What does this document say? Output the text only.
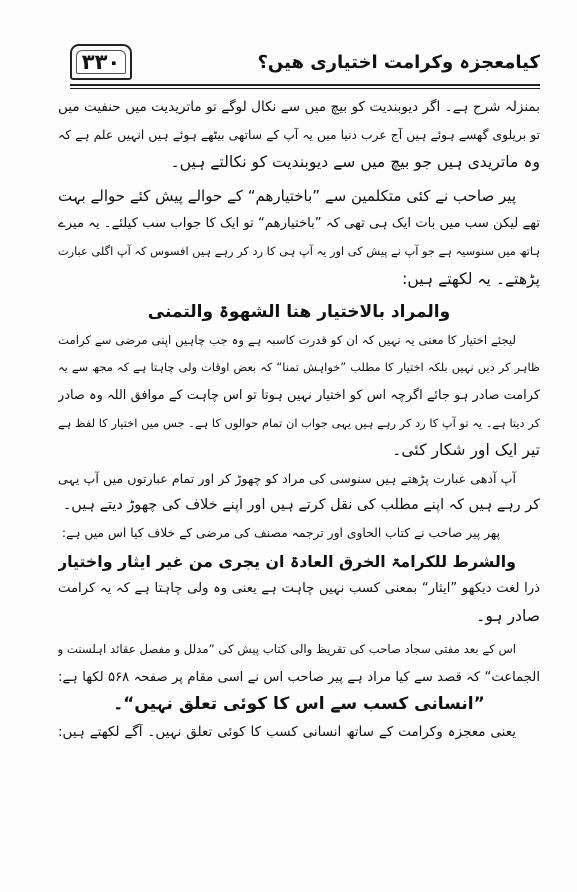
۳۳۰	کیامعجزہ وکرامت اختیاری ھیں؟
بمنزلہ شرح ہے۔ اگر دیوبندیت کو بیچ میں سے نکال لوگے تو ماتریدیت میں حنفیت میں
تو بریلوی گھسے ہوئے ہیں آج عرب دنیا میں یہ آپ کے ساتھی بیٹھے ہوئے ہیں انہیں علم ہے کہ
وہ ماتریدی ہیں جو بیچ میں سے دیوبندیت کو نکالتے ہیں۔
پیر صاحب نے کئی متکلمین سے ”باختیارھم“ کے حوالے پیش کئے حوالے بہت
تھے لیکن سب میں بات ایک ہی تھی کہ ”باختیارھم“ تو ایک کا جواب سب کیلئے۔ یہ میرے
ہاتھ میں سنوسیہ ہے جو آپ نے پیش کی اور یہ آپ ہی کا رد کر رہے ہیں افسوس کہ آپ اگلی عبارت
پڑھتے۔ یہ لکھتے ہیں:
والمراد بالاختیار ھنا الشھوۃ والتمنی
لیجئے اختیار کا معنی یہ نہیں کہ ان کو قدرت کاسبہ ہے وہ جب چاہیں اپنی مرضی سے کرامت
ظاہر کر دیں نہیں بلکہ اختیار کا مطلب ”خواہش تمنا“ کہ بعض اوقات ولی چاہتا ہے کہ مجھ سے یہ
کرامت صادر ہو جائے اگرچہ اس کو اختیار نہیں ہوتا تو اس چاہت کے موافق اللہ وہ صادر
کر دیتا ہے۔ یہ تو آپ کا رد کر رہے ہیں یہی جواب ان تمام حوالوں کا ہے۔ جس میں اختیار کا لفظ ہے
تیر ایک اور شکار کئی۔
آپ آدھی عبارت پڑھتے ہیں سنوسی کی مراد کو چھوڑ کر اور تمام عبارتوں میں آپ یہی
کر رہے ہیں کہ اپنے مطلب کی نقل کرتے ہیں اور اپنے خلاف کی چھوڑ دیتے ہیں۔
پھر پیر صاحب نے کتاب الحاوی اور ترجمہ مصنف کی مرضی کے خلاف کیا اس میں ہے:
والشرط للکرامۃ الخرق العادۃ ان یجری من غیر ایثار واختیار
ذرا لغت دیکھو ”ایثار“ بمعنی کسب نہیں چاہت ہے یعنی وہ ولی چاہتا ہے کہ یہ کرامت
صادر ہو۔
اس کے بعد مفتی سجاد صاحب کی تقریظ والی کتاب پیش کی ”مدلل و مفصل عقائد اہلسنت و
الجماعت“ کہ قصد سے کیا مراد ہے پیر صاحب اس نے اسی مقام پر صفحہ ۵۶۸ لکھا ہے:
”انسانی کسب سے اس کا کوئی تعلق نہیں“۔
یعنی معجزہ وکرامت کے ساتھ انسانی کسب کا کوئی تعلق نہیں۔ آگے لکھتے ہیں:
